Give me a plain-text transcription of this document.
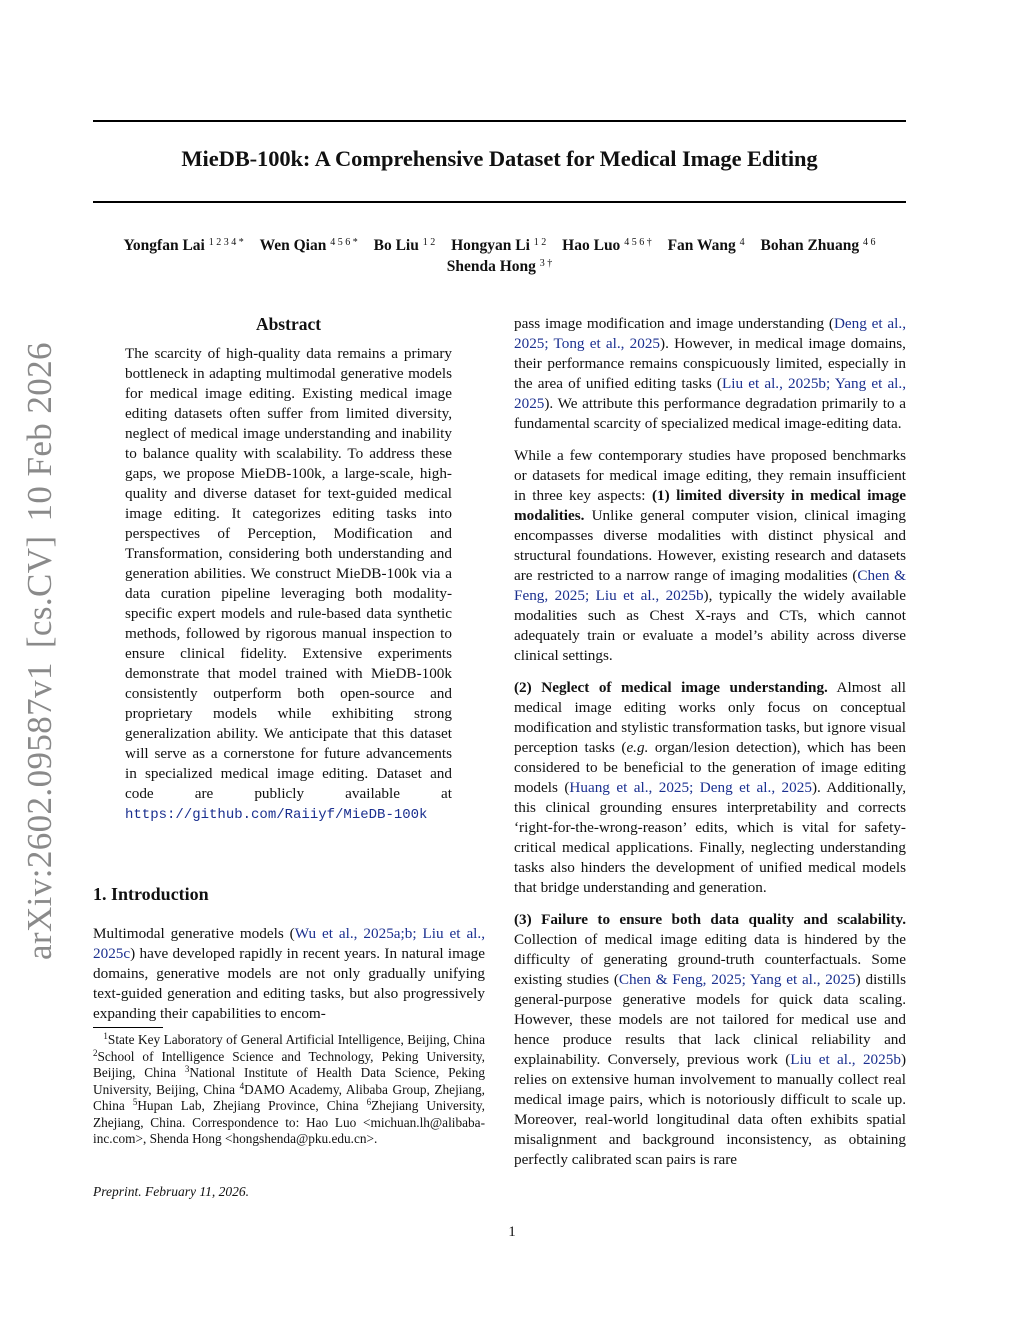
MieDB-100k: A Comprehensive Dataset for Medical Image Editing
Yongfan Lai $^{1 2 3 4 *}$ Wen Qian $^{4 5 6 *}$ Bo Liu $^{1 2}$ Hongyan Li $^{1 2}$ Hao Luo $^{4 5 6 \dagger}$ Fan Wang $^4$ Bohan Zhuang $^{4 6}$
Shenda Hong $^{3 \dagger}$
arXiv:2602.09587v1[cs.CV]10 Feb 2026
Abstract

The scarcity of high-quality data remains a primary bottleneck in adapting multimodal generative models for medical image editing. Existing medical image editing datasets often suffer from limited diversity, neglect of medical image understanding and inability to balance quality with scalability. To address these gaps, we propose MieDB-100k, a large-scale, high-quality and diverse dataset for text-guided medical image editing. It categorizes editing tasks into perspectives of Perception, Modification and Transformation, considering both understanding and generation abilities. We construct MieDB-100k via a data curation pipeline leveraging both modality-specific expert models and rule-based data synthetic methods, followed by rigorous manual inspection to ensure clinical fidelity. Extensive experiments demonstrate that model trained with MieDB-100k consistently outperform both open-source and proprietary models while exhibiting strong generalization ability. We anticipate that this dataset will serve as a cornerstone for future advancements in specialized medical image editing. Dataset and code are publicly available at https://github.com/Raiiyf/MieDB-100k

1. Introduction

Multimodal generative models (Wu et al., 2025a;b; Liu et al., 2025c) have developed rapidly in recent years. In natural image domains, generative models are not only gradually unifying text-guided generation and editing tasks, but also progressively expanding their capabilities to encom-

$^1$State Key Laboratory of General Artificial Intelligence, Beijing, China $^2$School of Intelligence Science and Technology, Peking University, Beijing, China $^3$National Institute of Health Data Science, Peking University, Beijing, China $^4$DAMO Academy, Alibaba Group, Zhejiang, China $^5$Hupan Lab, Zhejiang Province, China $^6$Zhejiang University, Zhejiang, China. Correspondence to: Hao Luo <michuan.lh@alibaba-inc.com>, Shenda Hong <hongshenda@pku.edu.cn>.
Preprint. February 11, 2026.
1

pass image modification and image understanding (Deng et al., 2025; Tong et al., 2025). However, in medical image domains, their performance remains conspicuously limited, especially in the area of unified editing tasks (Liu et al., 2025b; Yang et al., 2025). We attribute this performance degradation primarily to a fundamental scarcity of specialized medical image-editing data.

While a few contemporary studies have proposed benchmarks or datasets for medical image editing, they remain insufficient in three key aspects: (1) limited diversity in medical image modalities. Unlike general computer vision, clinical imaging encompasses diverse modalities with distinct physical and structural foundations. However, existing research and datasets are restricted to a narrow range of imaging modalities (Chen & Feng, 2025; Liu et al., 2025b), typically the widely available modalities such as Chest X-rays and CTs, which cannot adequately train or evaluate a model’s ability across diverse clinical settings.

(2) Neglect of medical image understanding. Almost all medical image editing works only focus on conceptual modification and stylistic transformation tasks, but ignore visual perception tasks (e.g. organ/lesion detection), which has been considered to be beneficial to the generation of image editing models (Huang et al., 2025; Deng et al., 2025). Additionally, this clinical grounding ensures interpretability and corrects ‘right-for-the-wrong-reason’ edits, which is vital for safety-critical medical applications. Finally, neglecting understanding tasks also hinders the development of unified medical models that bridge understanding and generation.

(3) Failure to ensure both data quality and scalability. Collection of medical image editing data is hindered by the difficulty of generating ground-truth counterfactuals. Some existing studies (Chen & Feng, 2025; Yang et al., 2025) distills general-purpose generative models for quick data scaling. However, these models are not tailored for medical use and hence produce results that lack clinical reliability and explainability. Conversely, previous work (Liu et al., 2025b) relies on extensive human involvement to manually collect real medical image pairs, which is notoriously difficult to scale up. Moreover, real-world longitudinal data often exhibits spatial misalignment and background inconsistency, as obtaining perfectly calibrated scan pairs is rare
